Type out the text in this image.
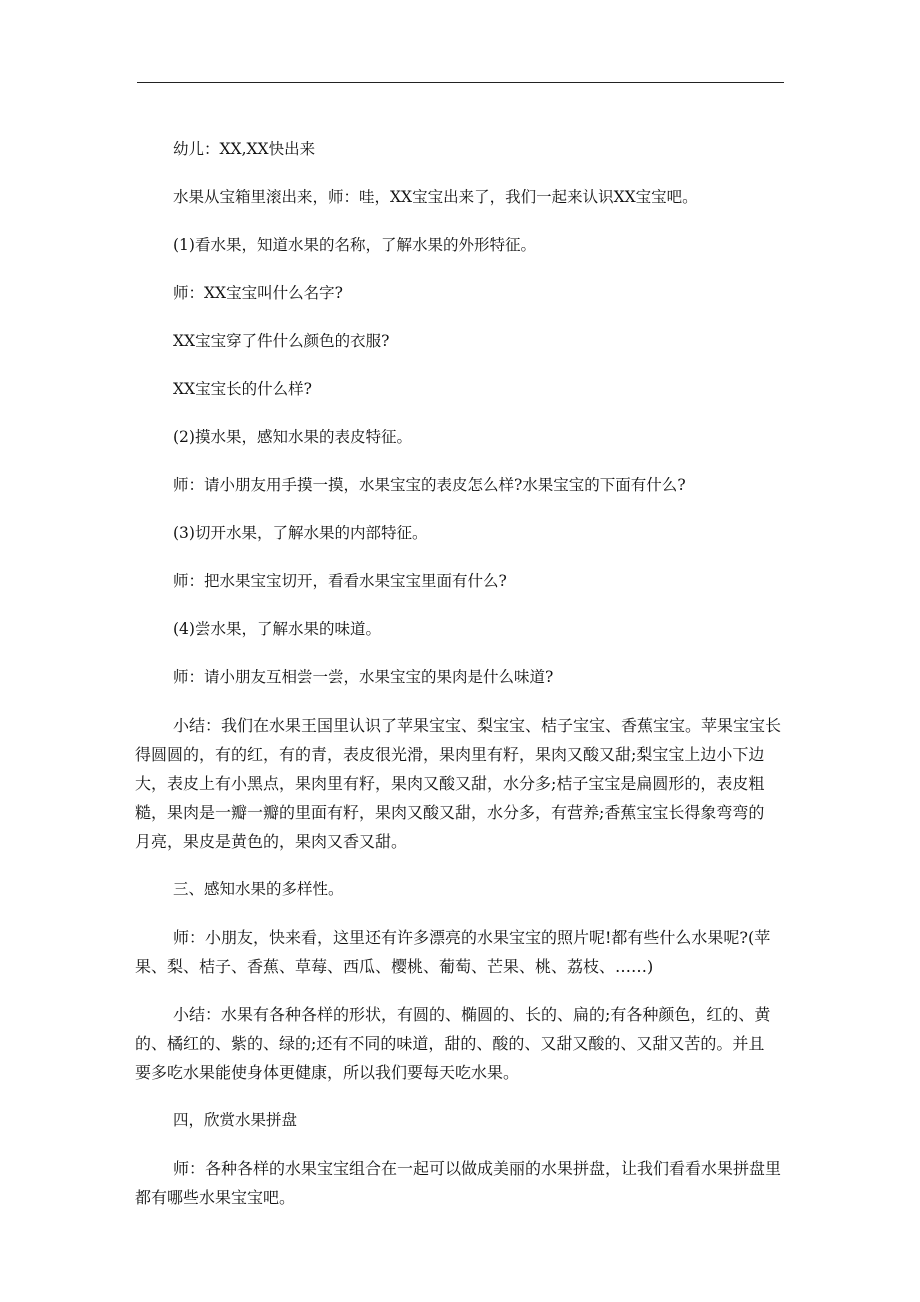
幼儿：XX,XX快出来

水果从宝箱里滚出来，师：哇，XX宝宝出来了，我们一起来认识XX宝宝吧。

(1)看水果，知道水果的名称，了解水果的外形特征。

师：XX宝宝叫什么名字?

XX宝宝穿了件什么颜色的衣服?

XX宝宝长的什么样?

(2)摸水果，感知水果的表皮特征。

师：请小朋友用手摸一摸，水果宝宝的表皮怎么样?水果宝宝的下面有什么?

(3)切开水果，了解水果的内部特征。

师：把水果宝宝切开，看看水果宝宝里面有什么?

(4)尝水果，了解水果的味道。

师：请小朋友互相尝一尝，水果宝宝的果肉是什么味道?

小结：我们在水果王国里认识了苹果宝宝、梨宝宝、桔子宝宝、香蕉宝宝。苹果宝宝长
得圆圆的，有的红，有的青，表皮很光滑，果肉里有籽，果肉又酸又甜;梨宝宝上边小下边
大，表皮上有小黑点，果肉里有籽，果肉又酸又甜，水分多;桔子宝宝是扁圆形的，表皮粗
糙，果肉是一瓣一瓣的里面有籽，果肉又酸又甜，水分多，有营养;香蕉宝宝长得象弯弯的
月亮，果皮是黄色的，果肉又香又甜。

三、感知水果的多样性。

师：小朋友，快来看，这里还有许多漂亮的水果宝宝的照片呢!都有些什么水果呢?(苹
果、梨、桔子、香蕉、草莓、西瓜、樱桃、葡萄、芒果、桃、荔枝、……)
小结：水果有各种各样的形状，有圆的、椭圆的、长的、扁的;有各种颜色，红的、黄
的、橘红的、紫的、绿的;还有不同的味道，甜的、酸的、又甜又酸的、又甜又苦的。并且
要多吃水果能使身体更健康，所以我们要每天吃水果。

四，欣赏水果拼盘

师：各种各样的水果宝宝组合在一起可以做成美丽的水果拼盘，让我们看看水果拼盘里
都有哪些水果宝宝吧。
